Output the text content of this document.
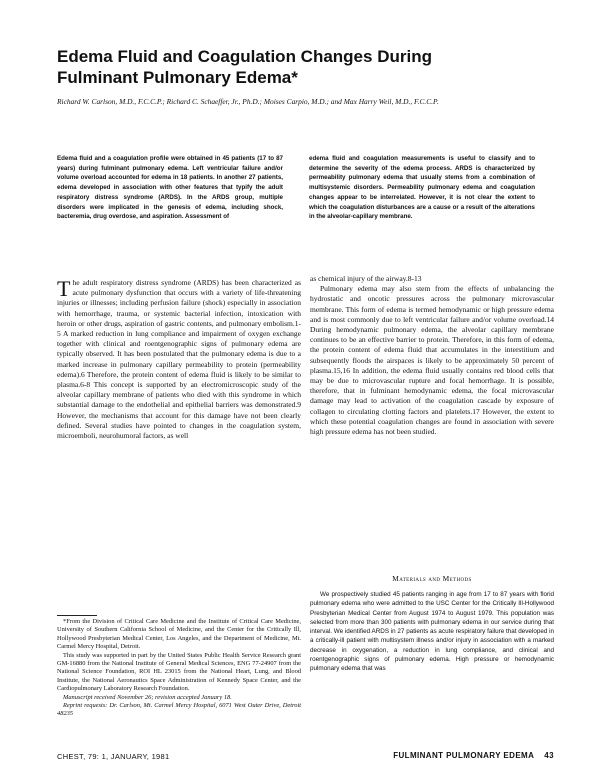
Edema Fluid and Coagulation Changes During
Fulminant Pulmonary Edema*
Richard W. Carlson, M.D., F.C.C.P.; Richard C. Schaeffer, Jr., Ph.D.; Moises Carpio, M.D.; and Max Harry Weil, M.D., F.C.C.P.
Edema fluid and a coagulation profile were obtained in 45 patients (17 to 87 years) during fulminant pulmonary edema. Left ventricular failure and/or volume overload accounted for edema in 18 patients. In another 27 patients, edema developed in association with other features that typify the adult respiratory distress syndrome (ARDS). In the ARDS group, multiple disorders were implicated in the genesis of edema, including shock, bacteremia, drug overdose, and aspiration. Assessment of
edema fluid and coagulation measurements is useful to classify and to determine the severity of the edema process. ARDS is characterized by permeability pulmonary edema that usually stems from a combination of multisystemic disorders. Permeability pulmonary edema and coagulation changes appear to be interrelated. However, it is not clear the extent to which the coagulation disturbances are a cause or a result of the alterations in the alveolar-capillary membrane.

The adult respiratory distress syndrome (ARDS) has been characterized as acute pulmonary dysfunction that occurs with a variety of life-threatening injuries or illnesses; including perfusion failure (shock) especially in association with hemorrhage, trauma, or systemic bacterial infection, intoxication with heroin or other drugs, aspiration of gastric contents, and pulmonary embolism.1-5 A marked reduction in lung compliance and impairment of oxygen exchange together with clinical and roentgenographic signs of pulmonary edema are typically observed. It has been postulated that the pulmonary edema is due to a marked increase in pulmonary capillary permeability to protein (permeability edema).6 Therefore, the protein content of edema fluid is likely to be similar to plasma.6-8 This concept is supported by an electromicroscopic study of the alveolar capillary membrane of patients who died with this syndrome in which substantial damage to the endothelial and epithelial barriers was demonstrated.9 However, the mechanisms that account for this damage have not been clearly defined. Several studies have pointed to changes in the coagulation system, microemboli, neurohumoral factors, as well

as chemical injury of the airway.8-13

Pulmonary edema may also stem from the effects of unbalancing the hydrostatic and oncotic pressures across the pulmonary microvascular membrane. This form of edema is termed hemodynamic or high pressure edema and is most commonly due to left ventricular failure and/or volume overload.14 During hemodynamic pulmonary edema, the alveolar capillary membrane continues to be an effective barrier to protein. Therefore, in this form of edema, the protein content of edema fluid that accumulates in the interstitium and subsequently floods the airspaces is likely to be approximately 50 percent of plasma.15,16 In addition, the edema fluid usually contains red blood cells that may be due to microvascular rupture and focal hemorrhage. It is possible, therefore, that in fulminant hemodynamic edema, the focal microvascular damage may lead to activation of the coagulation cascade by exposure of collagen to circulating clotting factors and platelets.17 However, the extent to which these potential coagulation changes are found in association with severe high pressure edema has not been studied.

Materials and Methods

We prospectively studied 45 patients ranging in age from 17 to 87 years with florid pulmonary edema who were admitted to the USC Center for the Critically Ill-Hollywood Presbyterian Medical Center from August 1974 to August 1979. This population was selected from more than 300 patients with pulmonary edema in our service during that interval. We identified ARDS in 27 patients as acute respiratory failure that developed in a critically-ill patient with multisystem illness and/or injury in association with a marked decrease in oxygenation, a reduction in lung compliance, and clinical and roentgenographic signs of pulmonary edema. High pressure or hemodynamic pulmonary edema that was

*From the Division of Critical Care Medicine and the Institute of Critical Care Medicine, University of Southern California School of Medicine, and the Center for the Critically Ill, Hollywood Presbyterian Medical Center, Los Angeles, and the Department of Medicine, Mt. Carmel Mercy Hospital, Detroit.

This study was supported in part by the United States Public Health Service Research grant GM-16880 from the National Institute of General Medical Sciences, ENG 77-24907 from the National Science Foundation, ROI HL 23015 from the National Heart, Lung, and Blood Institute, the National Aeronautics Space Administration of Kennedy Space Center, and the Cardiopulmonary Laboratory Research Foundation.

Manuscript received November 26; revision accepted January 18.

Reprint requests: Dr. Carlson, Mt. Carmel Mercy Hospital, 6071 West Outer Drive, Detroit 48235

CHEST, 79: 1, JANUARY, 1981	FULMINANT PULMONARY EDEMA 43
